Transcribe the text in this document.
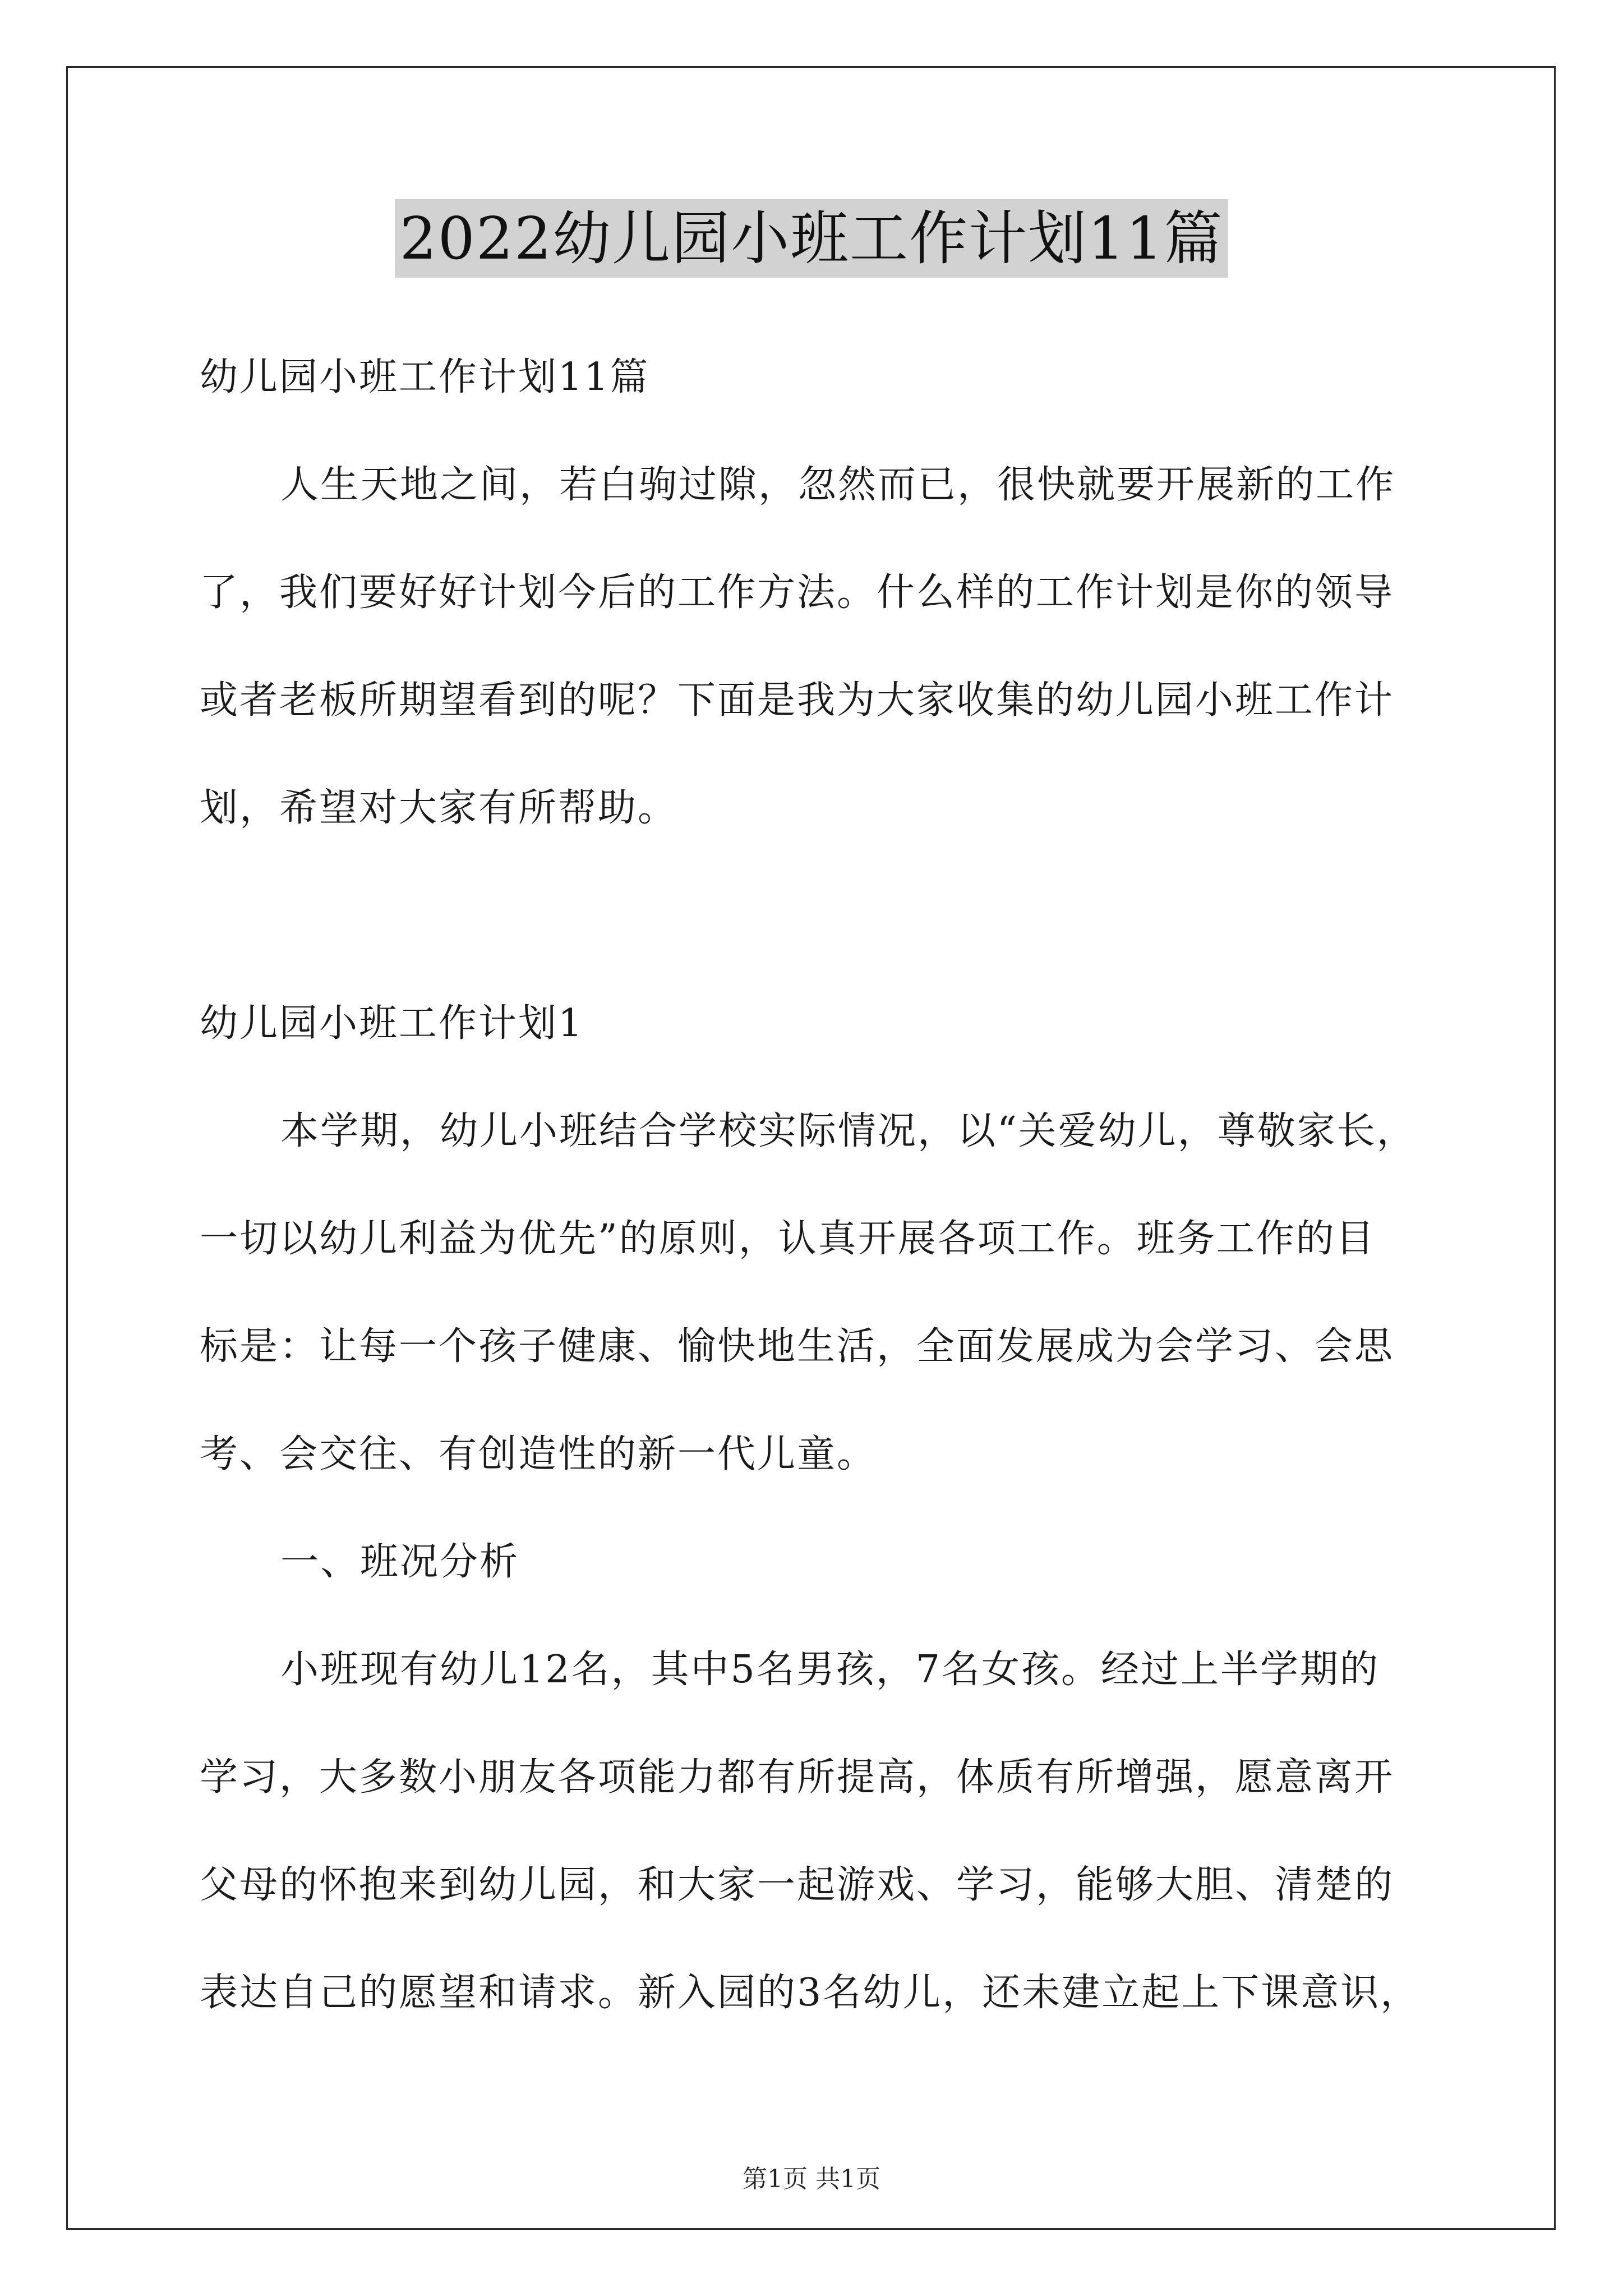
2022幼儿园小班工作计划11篇
幼儿园小班工作计划11篇
人生天地之间，若白驹过隙，忽然而已，很快就要开展新的工作
了，我们要好好计划今后的工作方法。什么样的工作计划是你的领导
或者老板所期望看到的呢？下面是我为大家收集的幼儿园小班工作计
划，希望对大家有所帮助。
幼儿园小班工作计划1
本学期，幼儿小班结合学校实际情况，以“关爱幼儿，尊敬家长，
一切以幼儿利益为优先”的原则，认真开展各项工作。班务工作的目
标是：让每一个孩子健康、愉快地生活，全面发展成为会学习、会思
考、会交往、有创造性的新一代儿童。
一、班况分析
小班现有幼儿12名，其中5名男孩，7名女孩。经过上半学期的
学习，大多数小朋友各项能力都有所提高，体质有所增强，愿意离开
父母的怀抱来到幼儿园，和大家一起游戏、学习，能够大胆、清楚的
表达自己的愿望和请求。新入园的3名幼儿，还未建立起上下课意识，
第1页 共1页
